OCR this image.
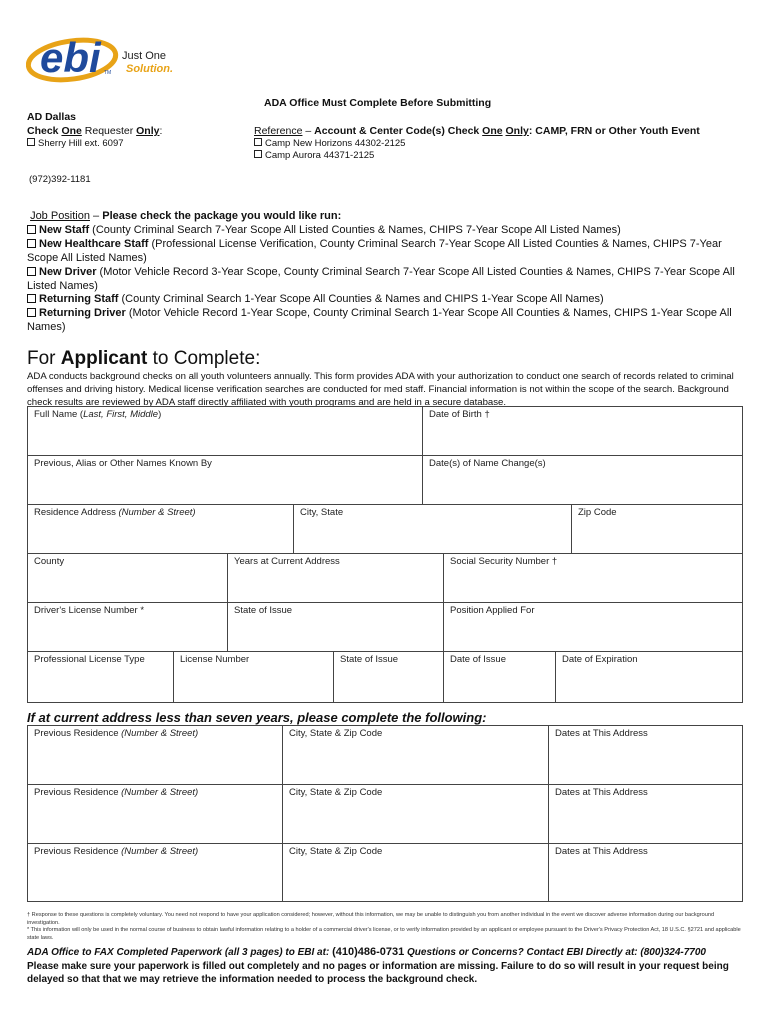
ebi TM
Just One
Solution.
ADA Office Must Complete Before Submitting
AD Dallas
Check One Requester Only:
Sherry Hill ext. 6097
(972)392-1181
Reference – Account & Center Code(s) Check One Only: CAMP, FRN or Other Youth Event
Camp New Horizons 44302-2125
Camp Aurora 44371-2125
Job Position – Please check the package you would like run:
New Staff (County Criminal Search 7-Year Scope All Listed Counties & Names, CHIPS 7-Year Scope All Listed Names)
New Healthcare Staff (Professional License Verification, County Criminal Search 7-Year Scope All Listed Counties & Names, CHIPS 7-Year Scope All Listed Names)
New Driver (Motor Vehicle Record 3-Year Scope, County Criminal Search 7-Year Scope All Listed Counties & Names, CHIPS 7-Year Scope All Listed Names)
Returning Staff (County Criminal Search 1-Year Scope All Counties & Names and CHIPS 1-Year Scope All Names)
Returning Driver (Motor Vehicle Record 1-Year Scope, County Criminal Search 1-Year Scope All Counties & Names, CHIPS 1-Year Scope All Names)
For Applicant to Complete:
ADA conducts background checks on all youth volunteers annually. This form provides ADA with your authorization to conduct one search of records related to criminal offenses and driving history. Medical license verification searches are conducted for med staff. Financial information is not within the scope of the search. Background check results are reviewed by ADA staff directly affiliated with youth programs and are held in a secure database.
Full Name (Last, First, Middle)	Date of Birth †
Previous, Alias or Other Names Known By	Date(s) of Name Change(s)
Residence Address (Number & Street)	City, State	Zip Code
County	Years at Current Address	Social Security Number †
Driver's License Number *	State of Issue	Position Applied For
Professional License Type	License Number	State of Issue	Date of Issue	Date of Expiration
If at current address less than seven years, please complete the following:
Previous Residence (Number & Street)	City, State & Zip Code	Dates at This Address
Previous Residence (Number & Street)	City, State & Zip Code	Dates at This Address
Previous Residence (Number & Street)	City, State & Zip Code	Dates at This Address
† Response to these questions is completely voluntary. You need not respond to have your application considered; however, without this information, we may be unable to distinguish you from another individual in the event we discover adverse information during our background investigation.
* This information will only be used in the normal course of business to obtain lawful information relating to a holder of a commercial driver's license, or to verify information provided by an applicant or employee pursuant to the Driver's Privacy Protection Act, 18 U.S.C. §2721 and applicable state laws.
ADA Office to FAX Completed Paperwork (all 3 pages) to EBI at: (410)486-0731 Questions or Concerns? Contact EBI Directly at: (800)324-7700
Please make sure your paperwork is filled out completely and no pages or information are missing. Failure to do so will result in your request being delayed so that that we may retrieve the information needed to process the background check.
